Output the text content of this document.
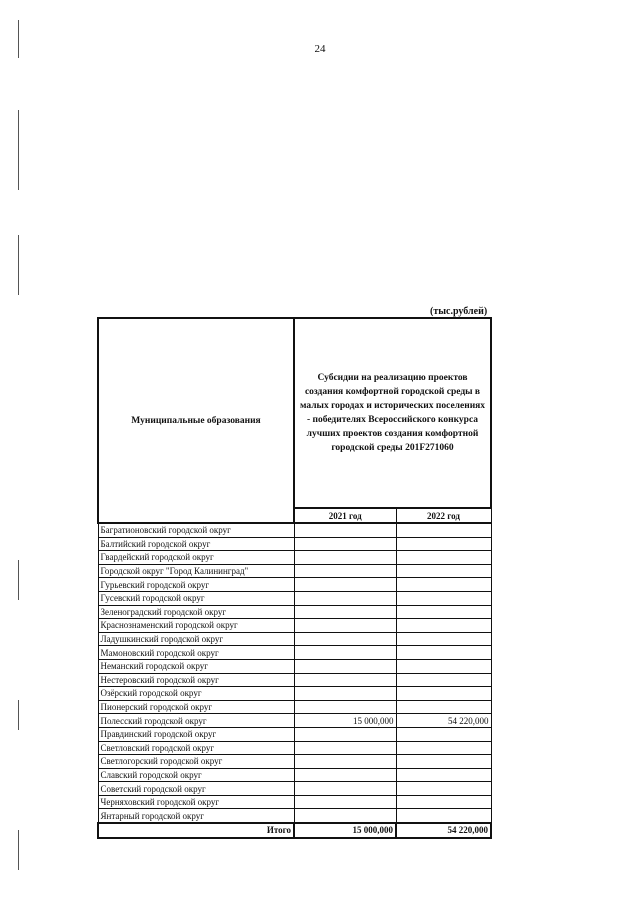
24
(тыс.рублей)
Муниципальные образования	Субсидии на реализацию проектов создания комфортной городской среды в малых городах и исторических поселениях - победителях Всероссийского конкурса лучших проектов создания комфортной городской среды 201F271060	
	2021 год	2022 год
Багратионовский городской округ		
Балтийский городской округ		
Гвардейский городской округ		
Городской округ "Город Калининград"		
Гурьевский городской округ		
Гусевский городской округ		
Зеленоградский городской округ		
Краснознаменский городской округ		
Ладушкинский городской округ		
Мамоновский городской округ		
Неманский городской округ		
Нестеровский городской округ		
Озёрский городской округ		
Пионерский городской округ		
Полесский городской округ	15 000,000	54 220,000
Правдинский городской округ		
Светловский городской округ		
Светлогорский городской округ		
Славский городской округ		
Советский городской округ		
Черняховский городской округ		
Янтарный городской округ		
Итого	15 000,000	54 220,000
